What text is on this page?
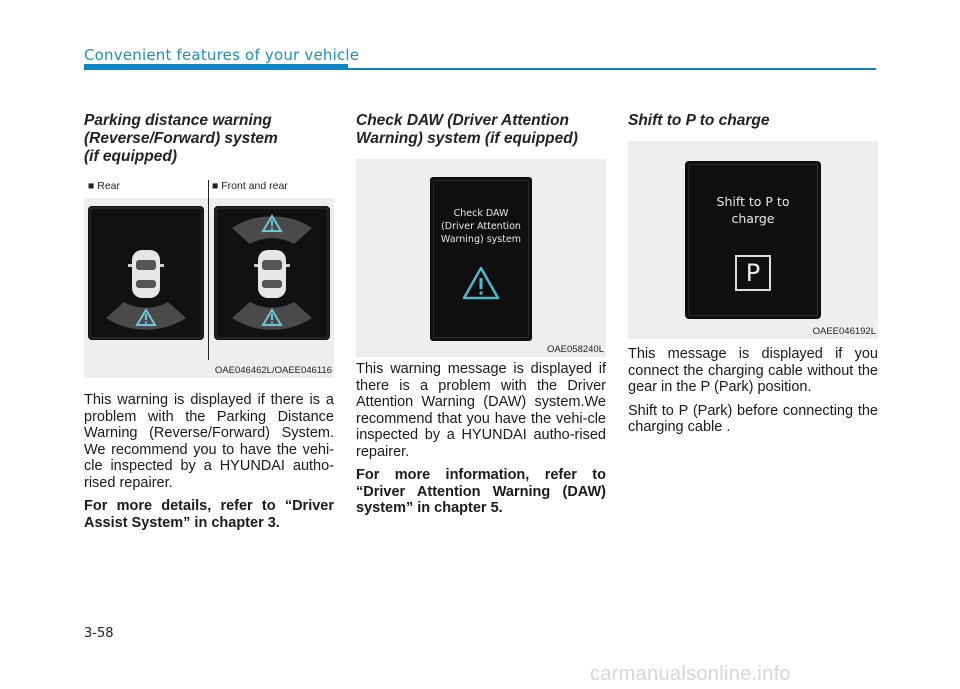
Convenient features of your vehicle
Parking distance warning
(Reverse/Forward) system
(if equipped)
■ Rear	■ Front and rear
OAE046462L/OAEE046116

This warning is displayed if there is a problem with the Parking Distance Warning (Reverse/Forward) System. We recommend you to have the vehi-cle inspected by a HYUNDAI autho-rised repairer.

For more details, refer to “Driver Assist System” in chapter 3.

Check DAW (Driver Attention
Warning) system (if equipped)
Check DAW
(Driver Attention
Warning) system
OAE058240L

This warning message is displayed if there is a problem with the Driver Attention Warning (DAW) system.We recommend that you have the vehi-cle inspected by a HYUNDAI autho-rised repairer.

For more information, refer to “Driver Attention Warning (DAW) system” in chapter 5.

Shift to P to charge
Shift to P to
charge
P
OAEE046192L

This message is displayed if you connect the charging cable without the gear in the P (Park) position.

Shift to P (Park) before connecting the charging cable .

3-58
carmanualsonline.info
